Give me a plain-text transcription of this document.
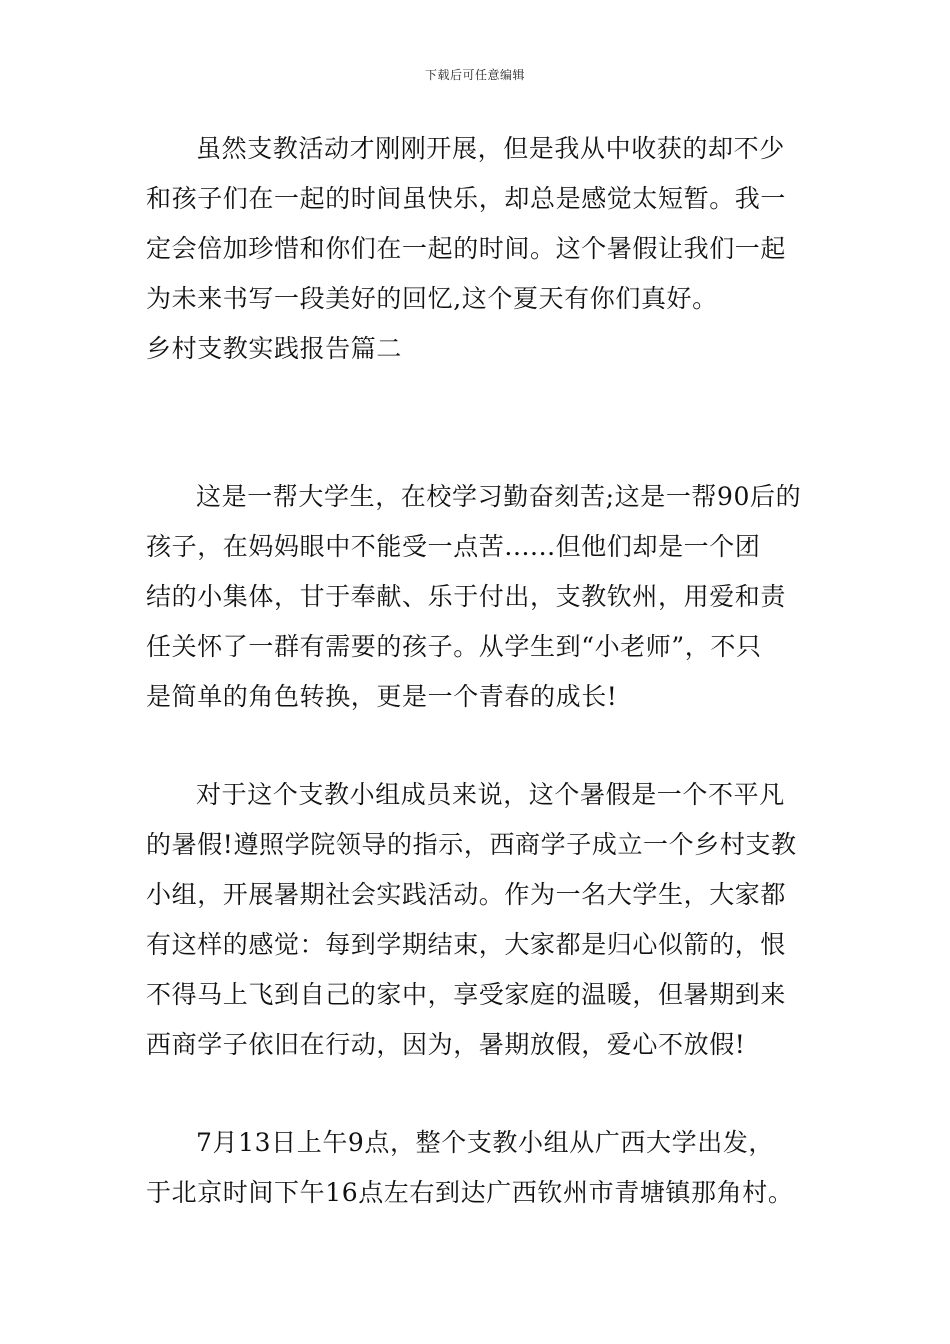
下载后可任意编辑
虽然支教活动才刚刚开展，但是我从中收获的却不少
和孩子们在一起的时间虽快乐，却总是感觉太短暂。我一
定会倍加珍惜和你们在一起的时间。这个暑假让我们一起
为未来书写一段美好的回忆,这个夏天有你们真好。
乡村支教实践报告篇二
这是一帮大学生，在校学习勤奋刻苦;这是一帮90后的
孩子，在妈妈眼中不能受一点苦......但他们却是一个团
结的小集体，甘于奉献、乐于付出，支教钦州，用爱和责
任关怀了一群有需要的孩子。从学生到“小老师”，不只
是简单的角色转换，更是一个青春的成长!
对于这个支教小组成员来说，这个暑假是一个不平凡
的暑假!遵照学院领导的指示，西商学子成立一个乡村支教
小组，开展暑期社会实践活动。作为一名大学生，大家都
有这样的感觉：每到学期结束，大家都是归心似箭的，恨
不得马上飞到自己的家中，享受家庭的温暖，但暑期到来
西商学子依旧在行动，因为，暑期放假，爱心不放假!
7月13日上午9点，整个支教小组从广西大学出发，
于北京时间下午16点左右到达广西钦州市青塘镇那角村。
